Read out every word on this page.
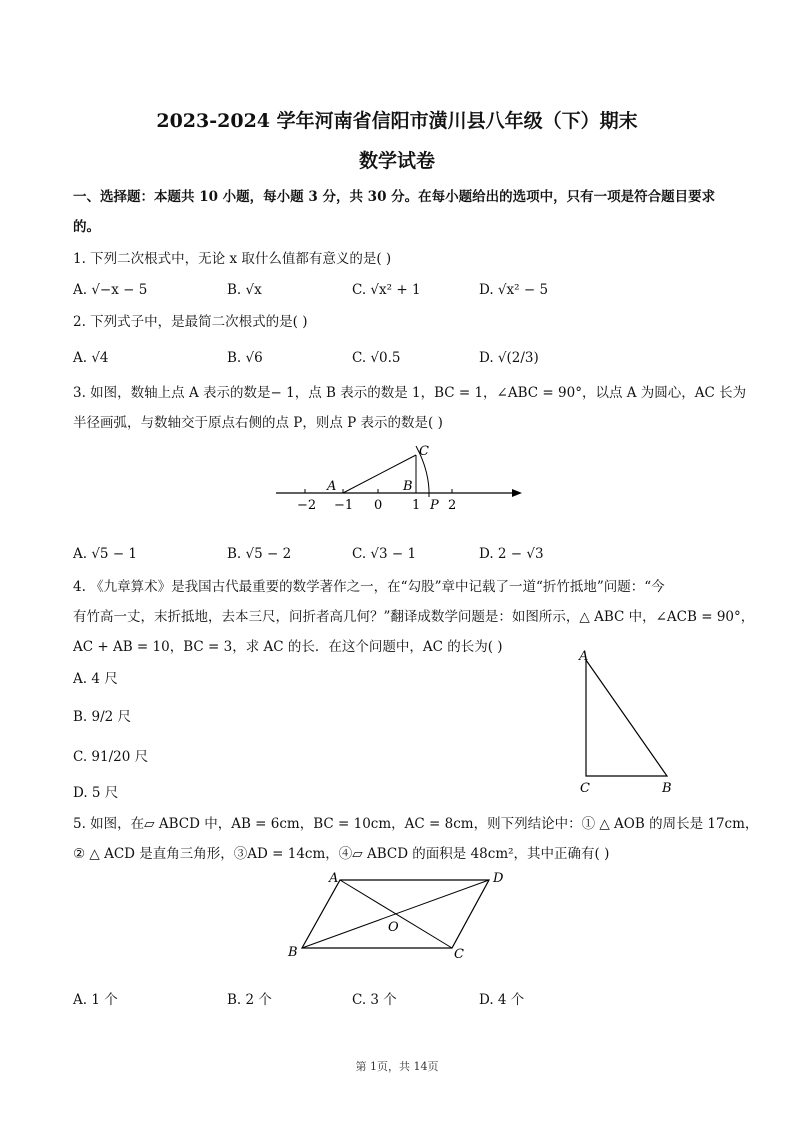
2023-2024 学年河南省信阳市潢川县八年级（下）期末
数学试卷
一、选择题：本题共 10 小题，每小题 3 分，共 30 分。在每小题给出的选项中，只有一项是符合题目要求
的。
1. 下列二次根式中，无论 x 取什么值都有意义的是( )
A. √−x − 5	B. √x	C. √x² + 1	D. √x² − 5
2. 下列式子中，是最简二次根式的是( )
A. √4	B. √6	C. √0.5	D. √(2/3)
3. 如图，数轴上点 A 表示的数是− 1，点 B 表示的数是 1，BC = 1，∠ABC = 90°，以点 A 为圆心，AC 长为
半径画弧，与数轴交于原点右侧的点 P，则点 P 表示的数是( )
−2 −1 0 1 2
A	B
C
P
A. √5 − 1	B. √5 − 2	C. √3 − 1	D. 2 − √3
4. 《九章算术》是我国古代最重要的数学著作之一，在“勾股”章中记载了一道“折竹抵地”问题：“今
有竹高一丈，末折抵地，去本三尺，问折者高几何？”翻译成数学问题是：如图所示，△ ABC 中，∠ACB = 90°，
AC + AB = 10，BC = 3，求 AC 的长．在这个问题中，AC 的长为( )
A. 4 尺
B. 9/2 尺
C. 91/20 尺
D. 5 尺
A
C	B
5. 如图，在▱ ABCD 中，AB = 6cm，BC = 10cm，AC = 8cm，则下列结论中：① △ AOB 的周长是 17cm，
② △ ACD 是直角三角形，③AD = 14cm，④▱ ABCD 的面积是 48cm²，其中正确有( )
A	D
B	C
O
A. 1 个	B. 2 个	C. 3 个	D. 4 个
第 1页，共 14页
